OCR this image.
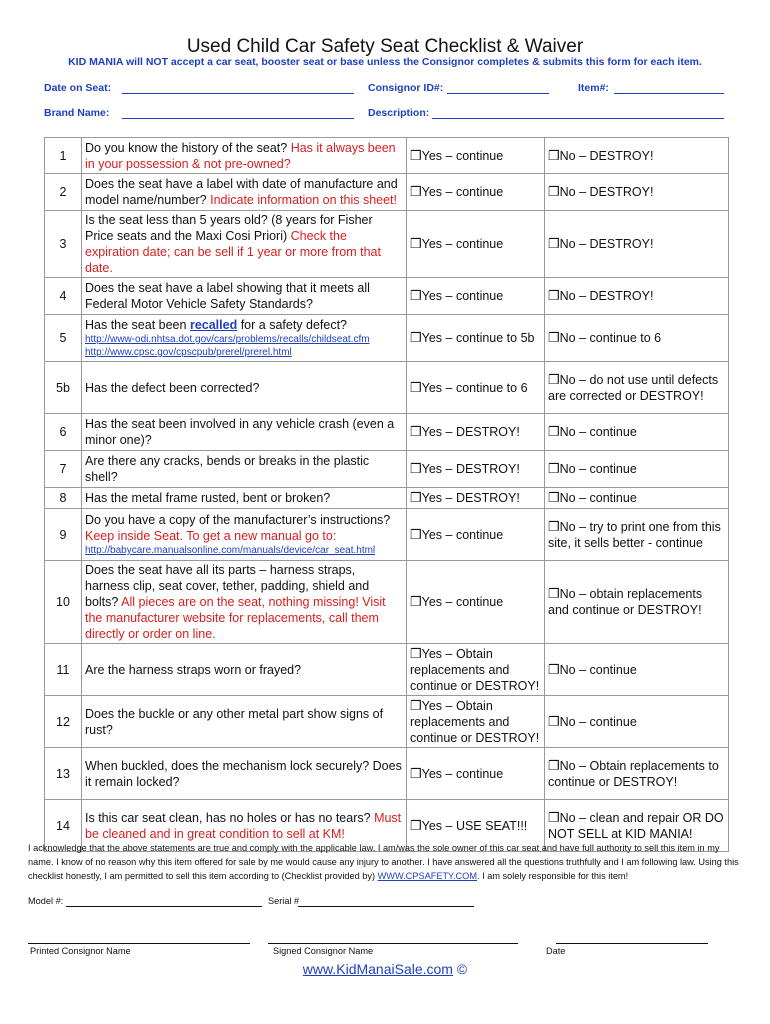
Used Child Car Safety Seat Checklist & Waiver
KID MANIA will NOT accept a car seat, booster seat or base unless the Consignor completes & submits this form for each item.
Date on Seat:	Consignor ID#:	Item#:
Brand Name:	Description:
1	Do you know the history of the seat? Has it always been in your possession & not pre-owned?	❒Yes – continue	❒No – DESTROY!
2	Does the seat have a label with date of manufacture and model name/number? Indicate information on this sheet!	❒Yes – continue	❒No – DESTROY!
3	Is the seat less than 5 years old? (8 years for Fisher Price seats and the Maxi Cosi Priori) Check the expiration date; can be sell if 1 year or more from that date.	❒Yes – continue	❒No – DESTROY!
4	Does the seat have a label showing that it meets all Federal Motor Vehicle Safety Standards?	❒Yes – continue	❒No – DESTROY!
5	Has the seat been recalled for a safety defect?
http://www-odi.nhtsa.dot.gov/cars/problems/recalls/childseat.cfm
http://www.cpsc.gov/cpscpub/prerel/prerel.html	❒Yes – continue to 5b	❒No – continue to 6
5b	Has the defect been corrected?	❒Yes – continue to 6	❒No – do not use until defects are corrected or DESTROY!
6	Has the seat been involved in any vehicle crash (even a minor one)?	❒Yes – DESTROY!	❒No – continue
7	Are there any cracks, bends or breaks in the plastic shell?	❒Yes – DESTROY!	❒No – continue
8	Has the metal frame rusted, bent or broken?	❒Yes – DESTROY!	❒No – continue
9	Do you have a copy of the manufacturer’s instructions? Keep inside Seat. To get a new manual go to:
http://babycare.manualsonline.com/manuals/device/car_seat.html	❒Yes – continue	❒No – try to print one from this site, it sells better - continue
10	Does the seat have all its parts – harness straps, harness clip, seat cover, tether, padding, shield and bolts? All pieces are on the seat, nothing missing! Visit the manufacturer website for replacements, call them directly or order on line.	❒Yes – continue	❒No – obtain replacements and continue or DESTROY!
11	Are the harness straps worn or frayed?	❒Yes – Obtain replacements and continue or DESTROY!	❒No – continue
12	Does the buckle or any other metal part show signs of rust?	❒Yes – Obtain replacements and continue or DESTROY!	❒No – continue
13	When buckled, does the mechanism lock securely? Does it remain locked?	❒Yes – continue	❒No – Obtain replacements to continue or DESTROY!
14	Is this car seat clean, has no holes or has no tears? Must be cleaned and in great condition to sell at KM!	❒Yes – USE SEAT!!!	❒No – clean and repair OR DO NOT SELL at KID MANIA!
I acknowledge that the above statements are true and comply with the applicable law. I am/was the sole owner of this car seat and have full authority to sell this item in my name. I know of no reason why this item offered for sale by me would cause any injury to another. I have answered all the questions truthfully and I am following law. Using this checklist honestly, I am permitted to sell this item according to (Checklist provided by) WWW.CPSAFETY.COM. I am solely responsible for this item!
Model #:	Serial #
Printed Consignor Name	Signed Consignor Name	Date
www.KidManaiSale.com ©
